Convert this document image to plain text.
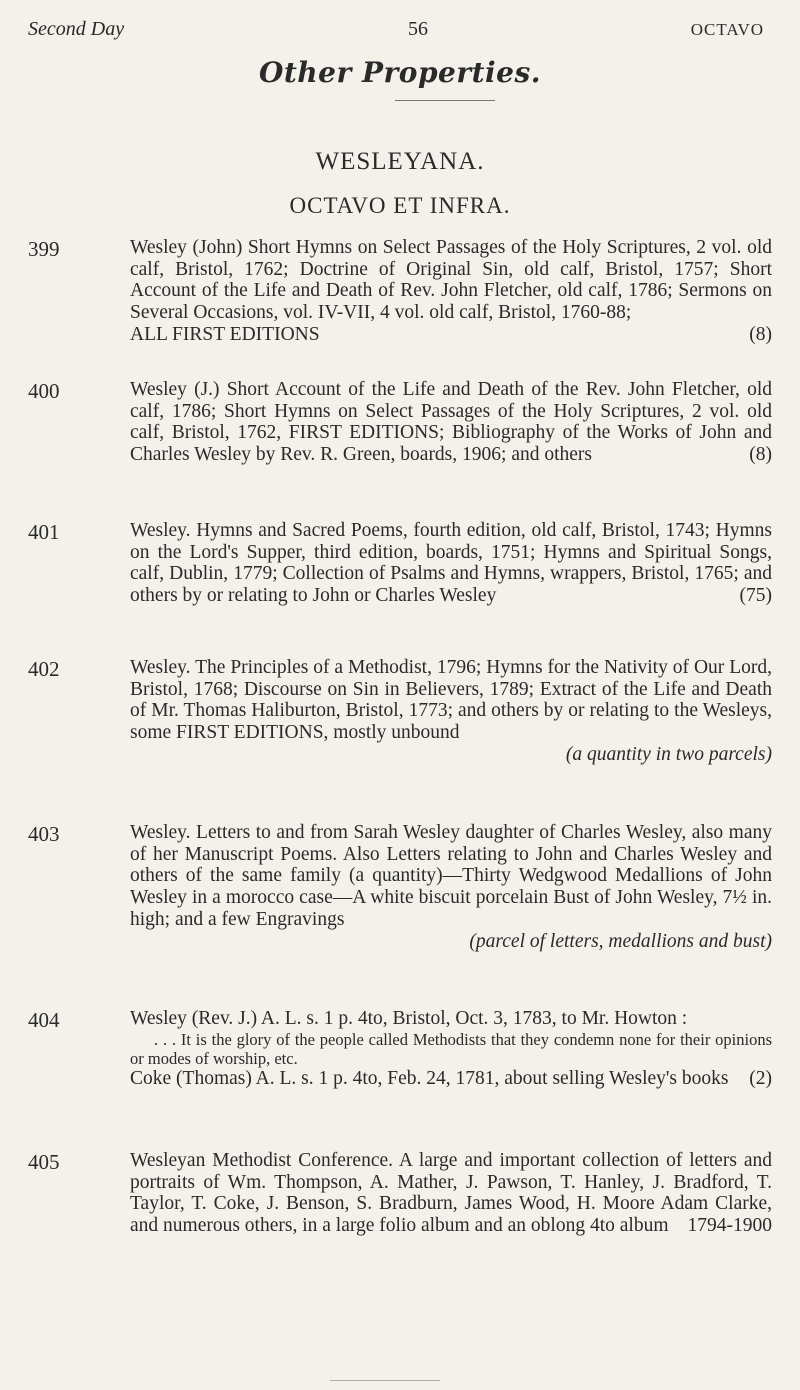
Second Day	56	OCTAVO
Other Properties.
WESLEYANA.
OCTAVO ET INFRA.
399	Wesley (John) Short Hymns on Select Passages of the Holy Scriptures, 2 vol. old calf, Bristol, 1762; Doctrine of Original Sin, old calf, Bristol, 1757; Short Account of the Life and Death of Rev. John Fletcher, old calf, 1786; Sermons on Several Occasions, vol. IV-VII, 4 vol. old calf, Bristol, 1760-88;
ALL FIRST EDITIONS	(8)
400	Wesley (J.) Short Account of the Life and Death of the Rev. John Fletcher, old calf, 1786; Short Hymns on Select Passages of the Holy Scriptures, 2 vol. old calf, Bristol, 1762, FIRST EDITIONS; Bibliography of the Works of John and Charles Wesley by Rev. R. Green, boards, 1906; and others	(8)
401	Wesley. Hymns and Sacred Poems, fourth edition, old calf, Bristol, 1743; Hymns on the Lord's Supper, third edition, boards, 1751; Hymns and Spiritual Songs, calf, Dublin, 1779; Collection of Psalms and Hymns, wrappers, Bristol, 1765; and others by or relating to John or Charles Wesley	(75)
402	Wesley. The Principles of a Methodist, 1796; Hymns for the Nativity of Our Lord, Bristol, 1768; Discourse on Sin in Believers, 1789; Extract of the Life and Death of Mr. Thomas Haliburton, Bristol, 1773; and others by or relating to the Wesleys, some FIRST EDITIONS, mostly unbound

(a quantity in two parcels)
403	Wesley. Letters to and from Sarah Wesley daughter of Charles Wesley, also many of her Manuscript Poems. Also Letters relating to John and Charles Wesley and others of the same family (a quantity)—Thirty Wedgwood Medallions of John Wesley in a morocco case—A white biscuit porcelain Bust of John Wesley, 7½ in. high; and a few Engravings

(parcel of letters, medallions and bust)
404	Wesley (Rev. J.) A. L. s. 1 p. 4to, Bristol, Oct. 3, 1783, to Mr. Howton :
. . . It is the glory of the people called Methodists that they condemn none for their opinions or modes of worship, etc.
Coke (Thomas) A. L. s. 1 p. 4to, Feb. 24, 1781, about selling Wesley's books (2)
405	Wesleyan Methodist Conference. A large and important collection of letters and portraits of Wm. Thompson, A. Mather, J. Pawson, T. Hanley, J. Bradford, T. Taylor, T. Coke, J. Benson, S. Bradburn, James Wood, H. Moore Adam Clarke, and numerous others, in a large folio album and an oblong 4to album 1794-1900
